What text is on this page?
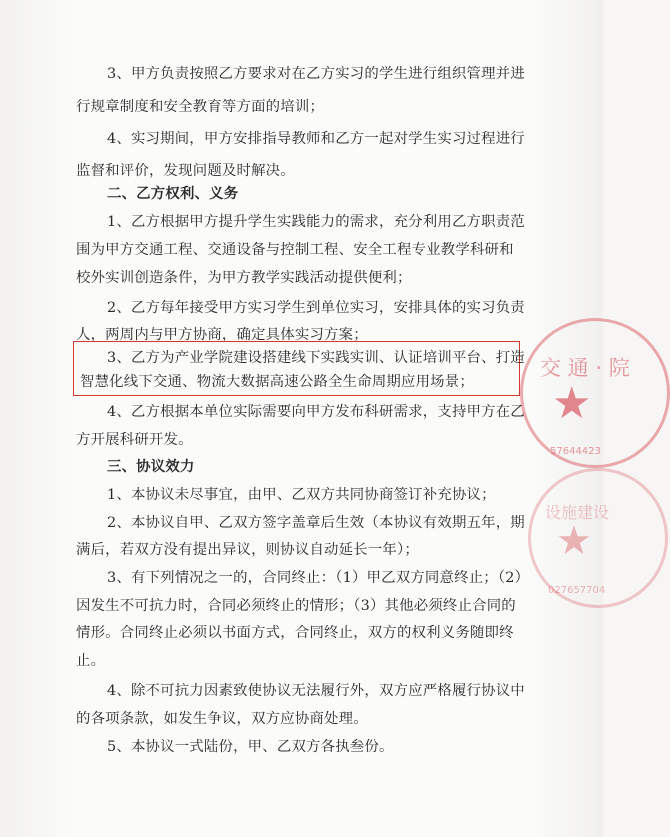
3、甲方负责按照乙方要求对在乙方实习的学生进行组织管理并进
行规章制度和安全教育等方面的培训；
4、实习期间，甲方安排指导教师和乙方一起对学生实习过程进行
监督和评价，发现问题及时解决。
二、乙方权利、义务
1、乙方根据甲方提升学生实践能力的需求，充分利用乙方职责范
围为甲方交通工程、交通设备与控制工程、安全工程专业教学科研和
校外实训创造条件，为甲方教学实践活动提供便利；
2、乙方每年接受甲方实习学生到单位实习，安排具体的实习负责
人，两周内与甲方协商，确定具体实习方案；
3、乙方为产业学院建设搭建线下实践实训、认证培训平台、打造
智慧化线下交通、物流大数据高速公路全生命周期应用场景；
4、乙方根据本单位实际需要向甲方发布科研需求，支持甲方在乙
方开展科研开发。
三、协议效力
1、本协议未尽事宜，由甲、乙双方共同协商签订补充协议；
2、本协议自甲、乙双方签字盖章后生效（本协议有效期五年，期
满后，若双方没有提出异议，则协议自动延长一年）；
3、有下列情况之一的，合同终止：（1）甲乙双方同意终止；（2）
因发生不可抗力时，合同必须终止的情形；（3）其他必须终止合同的
情形。合同终止必须以书面方式，合同终止，双方的权利义务随即终
止。
4、除不可抗力因素致使协议无法履行外，双方应严格履行协议中
的各项条款，如发生争议，双方应协商处理。
5、本协议一式陆份，甲、乙双方各执叁份。
交 通 · 院
★
57644423
设施建设
★
027657704
